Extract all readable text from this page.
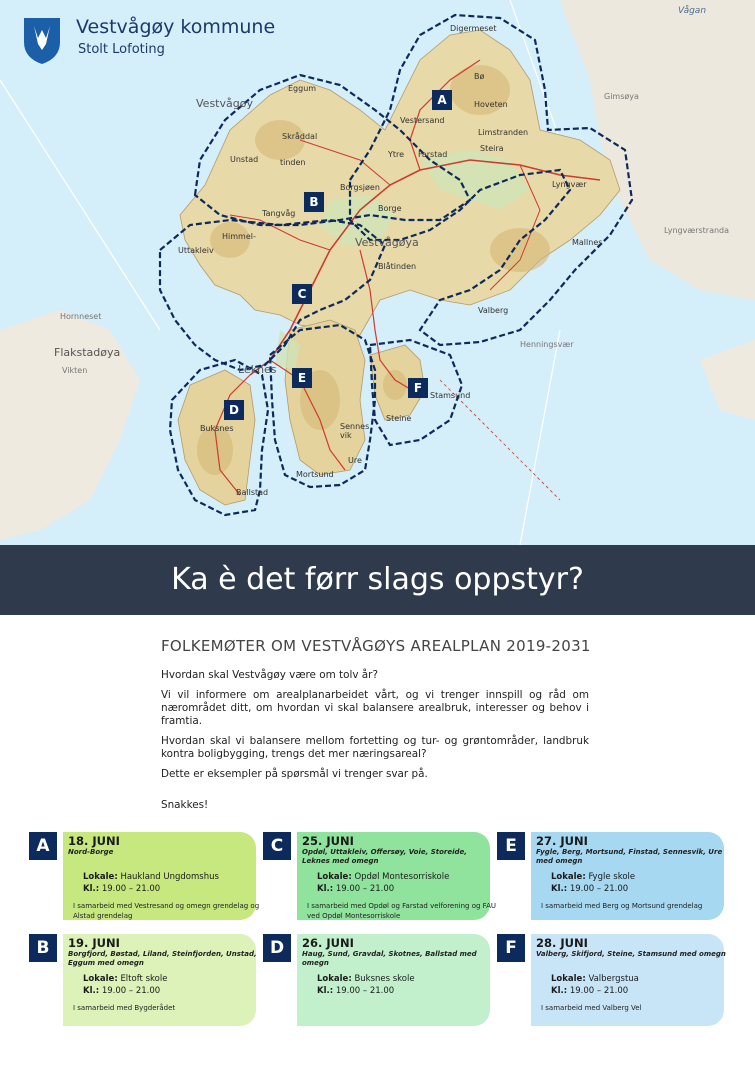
Vestvågøy kommune
Stolt Lofoting
Vågan
Digermeset
Vestvågøy
Eggum
Skråddal
Unstad	tinden
Vestersand
Bø
Hoveten
Limstranden
Steira
Ytre Farstad
Borgsjøen
Borge
Tangvåg
Himmel-
Uttakleiv
Vestvågøya
Blåtinden
Lyngvær
Mallnes
Valberg
Flakstadøya
Hornneset
Vikten	Leknes
Stamsund
Steine
Buksnes
Mortsund
Ure
Sennes vik
Ballstad
Gimsøya
Henningsvær
Lyngværstranda
A
B
C
D
E
F
Ka è det førr slags oppstyr?
FOLKEMØTER OM VESTVÅGØYS AREALPLAN 2019-2031

Hvordan skal Vestvågøy være om tolv år?

Vi vil informere om arealplanarbeidet vårt, og vi trenger innspill og råd om nærområdet ditt, om hvordan vi skal balansere arealbruk, interesser og behov i framtia.

Hvordan skal vi balansere mellom fortetting og tur- og grøntområder, landbruk kontra boligbygging, trengs det mer næringsareal?

Dette er eksempler på spørsmål vi trenger svar på.

Snakkes!

A	18. JUNI
Nord-Borge
Lokale: Haukland Ungdomshus
Kl.: 19.00 – 21.00
I samarbeid med Vestresand og omegn grendelag og Alstad grendelag
B	19. JUNI
Borgfjord, Bøstad, Liland, Steinfjorden, Unstad, Eggum med omegn
Lokale: Eltoft skole
Kl.: 19.00 – 21.00
I samarbeid med Bygderådet
C	25. JUNI
Opdøl, Uttakleiv, Offersøy, Voie, Storeide, Leknes med omegn
Lokale: Opdøl Montesorriskole
Kl.: 19.00 – 21.00
I samarbeid med Opdøl og Farstad velforening og FAU ved Opdøl Montesorriskole
D	26. JUNI
Haug, Sund, Gravdal, Skotnes, Ballstad med omegn
Lokale: Buksnes skole
Kl.: 19.00 – 21.00
E	27. JUNI
Fygle, Berg, Mortsund, Finstad, Sennesvik, Ure med omegn
Lokale: Fygle skole
Kl.: 19.00 – 21.00
I samarbeid med Berg og Mortsund grendelag
F	28. JUNI
Valberg, Skifjord, Steine, Stamsund med omegn
Lokale: Valbergstua
Kl.: 19.00 – 21.00
I samarbeid med Valberg Vel
